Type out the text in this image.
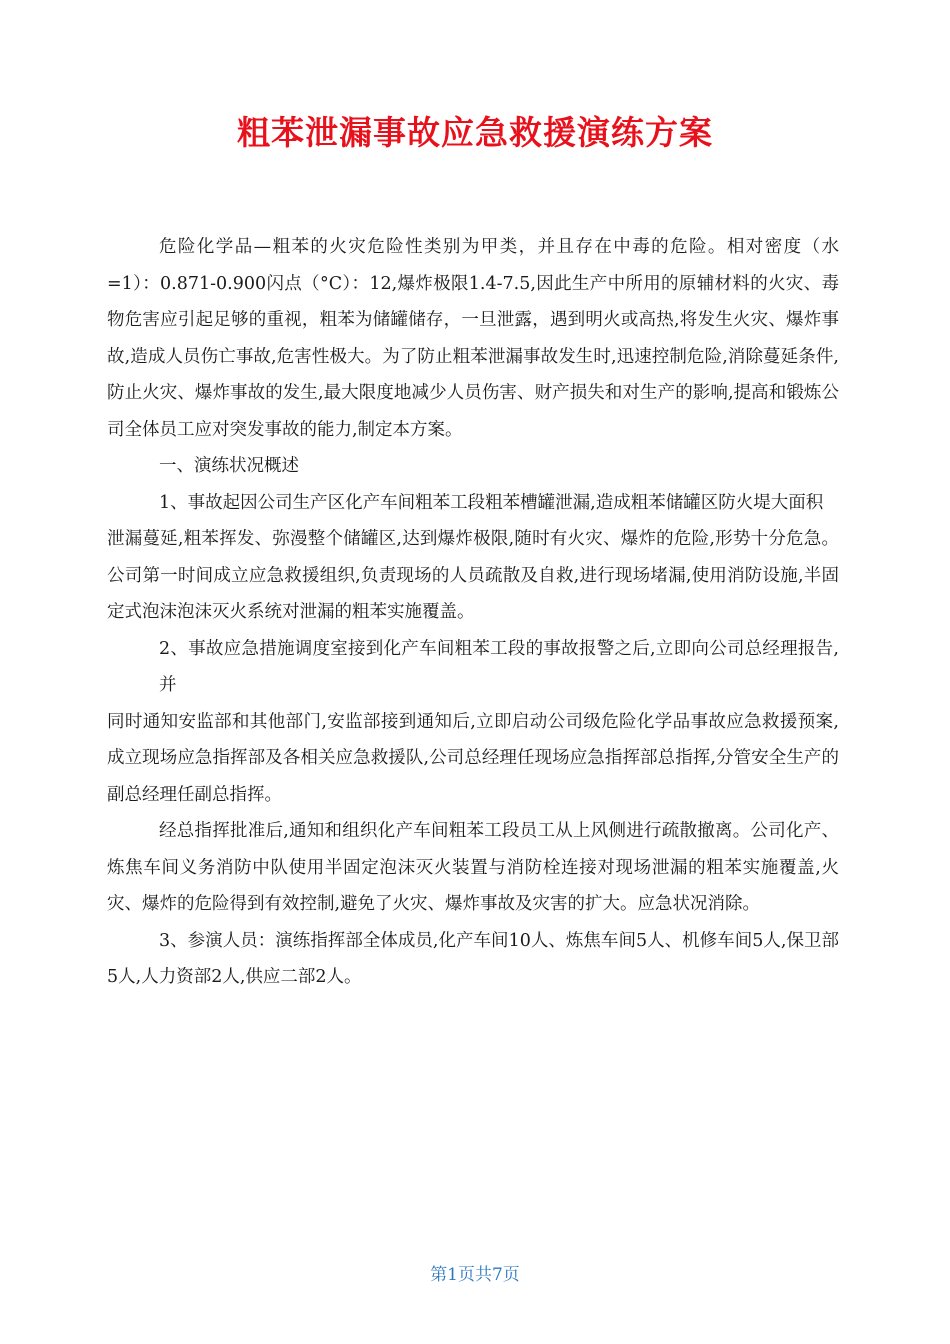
粗苯泄漏事故应急救援演练方案

危险化学品—粗苯的火灾危险性类别为甲类，并且存在中毒的危险。相对密度（水=1）：0.871-0.900闪点（°C）：12,爆炸极限1.4-7.5,因此生产中所用的原辅材料的火灾、毒物危害应引起足够的重视，粗苯为储罐储存，一旦泄露，遇到明火或高热,将发生火灾、爆炸事故,造成人员伤亡事故,危害性极大。为了防止粗苯泄漏事故发生时,迅速控制危险,消除蔓延条件,防止火灾、爆炸事故的发生,最大限度地减少人员伤害、财产损失和对生产的影响,提高和锻炼公司全体员工应对突发事故的能力,制定本方案。

一、演练状况概述

1、事故起因公司生产区化产车间粗苯工段粗苯槽罐泄漏,造成粗苯储罐区防火堤大面积

泄漏蔓延,粗苯挥发、弥漫整个储罐区,达到爆炸极限,随时有火灾、爆炸的危险,形势十分危急。公司第一时间成立应急救援组织,负责现场的人员疏散及自救,进行现场堵漏,使用消防设施,半固定式泡沫泡沫灭火系统对泄漏的粗苯实施覆盖。

2、事故应急措施调度室接到化产车间粗苯工段的事故报警之后,立即向公司总经理报告,并

同时通知安监部和其他部门,安监部接到通知后,立即启动公司级危险化学品事故应急救援预案,成立现场应急指挥部及各相关应急救援队,公司总经理任现场应急指挥部总指挥,分管安全生产的副总经理任副总指挥。

经总指挥批准后,通知和组织化产车间粗苯工段员工从上风侧进行疏散撤离。公司化产、炼焦车间义务消防中队使用半固定泡沫灭火装置与消防栓连接对现场泄漏的粗苯实施覆盖,火灾、爆炸的危险得到有效控制,避免了火灾、爆炸事故及灾害的扩大。应急状况消除。

3、参演人员：演练指挥部全体成员,化产车间10人、炼焦车间5人、机修车间5人,保卫部5人,人力资部2人,供应二部2人。

第1页共7页
